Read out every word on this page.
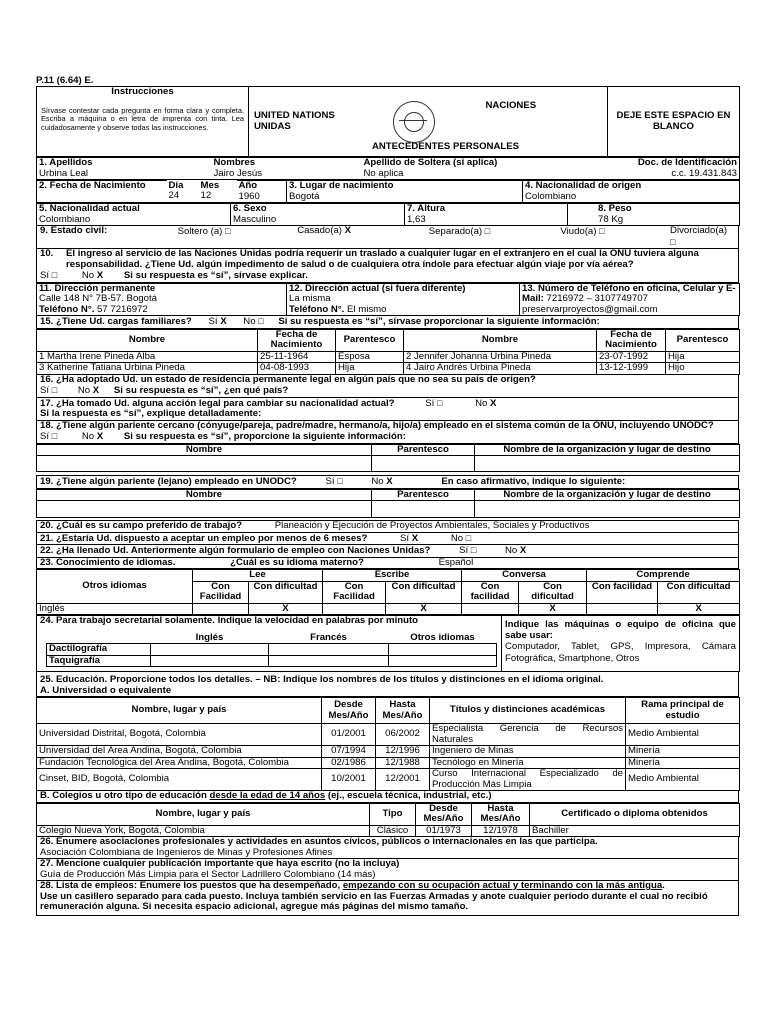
P.11 (6.64) E.
Instrucciones
Sírvase contestar cada pregunta en forma clara y completa. Escriba a máquina o en letra de imprenta con tinta. Lea cuidadosamente y observe todas las instrucciones.

UNITED NATIONS
UNIDAS

NACIONES
ANTECEDENTES PERSONALES
	DEJE ESTE ESPACIO EN BLANCO
1. Apellidos
Urbina Leal

Nombres
Jairo Jesús

Apellido de Soltera (si aplica)
No aplica

Doc. de Identificación
c.c. 19.431.843
2. Fecha de Nacimiento	Día
24

Mes
12

Año
1960

3. Lugar de nacimiento
Bogotá

4. Nacionalidad de origen
Colombiano
5. Nacionalidad actual
Colombiano

6. Sexo
Masculino

7. Altura
1,63

8. Peso
78 Kg
9. Estado civil:	Soltero (a) □	Casado(a) X	Separado(a) □	Viudo(a) □	Divorciado(a) □
10.	El ingreso al servicio de las Naciones Unidas podría requerir un traslado a cualquier lugar en el extranjero en el cual la ONU tuviera alguna responsabilidad. ¿Tiene Ud. algún impedimento de salud o de cualquiera otra índole para efectuar algún viaje por vía aérea?
Sí □	No X Si su respuesta es “sí”, sírvase explicar.
11. Dirección permanente
Calle 148 N° 7B-57. Bogotá
Teléfono N°. 57 7216972

12. Dirección actual (si fuera diferente)
La misma
Teléfono N°. El mismo

13. Número de Teléfono en oficina, Celular y E-Mail: 7216972 – 3107749707
preservarproyectos@gmail.com
15. ¿Tiene Ud. cargas familiares? Sí X No □ Si su respuesta es “sí”, sírvase proporcionar la siguiente información:
Nombre	Fecha de Nacimiento	Parentesco	Nombre	Fecha de Nacimiento	Parentesco
1 Martha Irene Pineda Alba	25-11-1964	Esposa	2 Jennifer Johanna Urbina Pineda	23-07-1992	Hija
3 Katherine Tatiana Urbina Pineda	04-08-1993	Hija	4 Jairo Andrés Urbina Pineda	13-12-1999	Hijo
16. ¿Ha adoptado Ud. un estado de residencia permanente legal en algún país que no sea su país de origen?
Sí □	No X Si su respuesta es “sí”, ¿en qué país?
17. ¿Ha tomado Ud. alguna acción legal para cambiar su nacionalidad actual?	Sí □	No X
Si la respuesta es “sí”, explique detalladamente:
18. ¿Tiene algún pariente cercano (cónyuge/pareja, padre/madre, hermano/a, hijo/a) empleado en el sistema común de la ONU, incluyendo UNODC?
Sí □	No X Si su respuesta es “sí”, proporcione la siguiente información:
Nombre	Parentesco	Nombre de la organización y lugar de destino

19. ¿Tiene algún pariente (lejano) empleado en UNODC?	Sí □	No X	En caso afirmativo, indique lo siguiente:
Nombre	Parentesco	Nombre de la organización y lugar de destino

20. ¿Cuál es su campo preferido de trabajo?	Planeación y Ejecución de Proyectos Ambientales, Sociales y Productivos
21. ¿Estaría Ud. dispuesto a aceptar un empleo por menos de 6 meses?	Sí X	No □
22. ¿Ha llenado Ud. Anteriormente algún formulario de empleo con Naciones Unidas?	Sí □	No X
23. Conocimiento de idiomas.	¿Cuál es su idioma materno?	Español
Otros idiomas	Lee		Escribe		Conversa		Comprende	
	Con Facilidad	Con dificultad	Con Facilidad	Con dificultad	Con facilidad	Con dificultad	Con facilidad	Con dificultad
Inglés		X		X		X		X
24. Para trabajo secretarial solamente. Indique la velocidad en palabras por minuto
	Inglés	Francés	Otros idiomas
Dactilografía			
Taquigrafía			

Indique las máquinas o equipo de oficina que sabe usar:
Computador, Tablet, GPS, Impresora, Cámara Fotográfica, Smartphone, Otros
25. Educación. Proporcione todos los detalles. – NB: Indique los nombres de los títulos y distinciones en el idioma original.
A. Universidad o equivalente
Nombre, lugar y país	Desde Mes/Año	Hasta Mes/Año	Títulos y distinciones académicas	Rama principal de estudio
Universidad Distrital, Bogotá, Colombia	01/2001	06/2002	Especialista Gerencia de Recursos Naturales	Medio Ambiental
Universidad del Área Andina, Bogotá, Colombia	07/1994	12/1996	Ingeniero de Minas	Minería
Fundación Tecnológica del Área Andina, Bogotá, Colombia	02/1986	12/1988	Tecnólogo en Minería	Minería
Cinset, BID, Bogotá, Colombia	10/2001	12/2001	Curso Internacional Especializado de Producción Más Limpia	Medio Ambiental
B. Colegios u otro tipo de educación desde la edad de 14 años (ej., escuela técnica, industrial, etc.)
Nombre, lugar y país	Tipo	Desde Mes/Año	Hasta Mes/Año	Certificado o diploma obtenidos
Colegio Nueva York, Bogotá, Colombia	Clásico	01/1973	12/1978	Bachiller
26. Enumere asociaciones profesionales y actividades en asuntos cívicos, públicos o internacionales en las que participa.
Asociación Colombiana de Ingenieros de Minas y Profesiones Afines
27. Mencione cualquier publicación importante que haya escrito (no la incluya)
Guía de Producción Más Limpia para el Sector Ladrillero Colombiano (14 más)
28. Lista de empleos: Enumere los puestos que ha desempeñado, empezando con su ocupación actual y terminando con la más antigua.
Use un casillero separado para cada puesto. Incluya también servicio en las Fuerzas Armadas y anote cualquier período durante el cual no recibió remuneración alguna. Si necesita espacio adicional, agregue más páginas del mismo tamaño.
